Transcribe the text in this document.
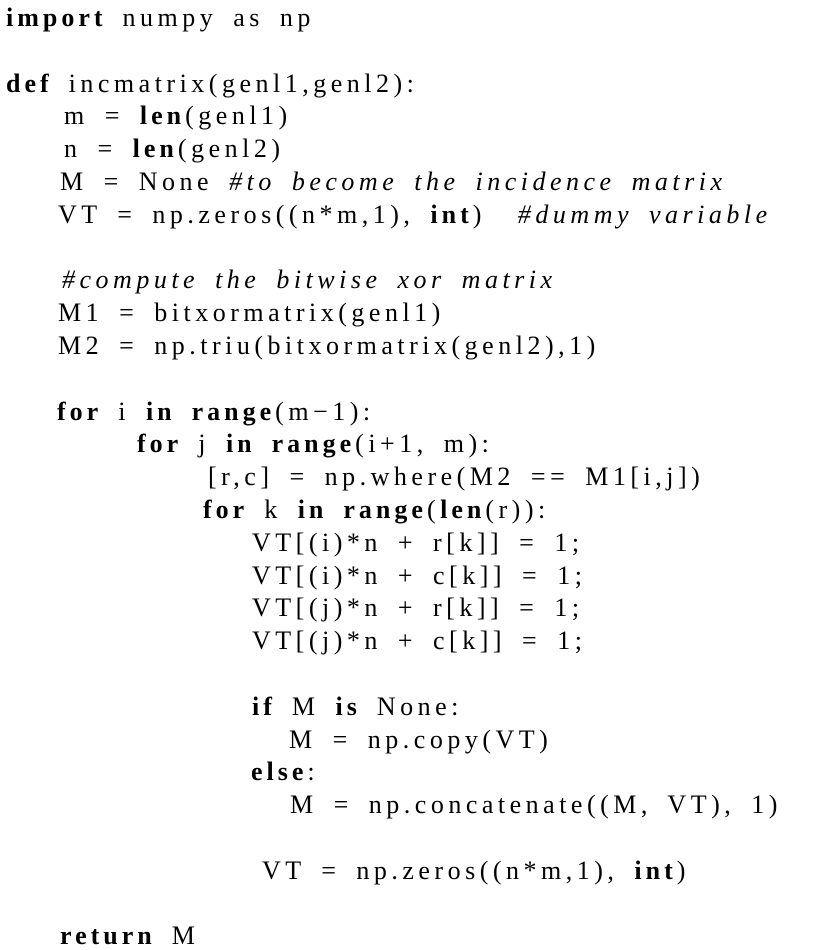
import numpy as np
def incmatrix(genl1,genl2):
m = len(genl1)
n = len(genl2)
M = None #to become the incidence matrix
VT = np.zeros((n*m,1), int)  #dummy variable
#compute the bitwise xor matrix
M1 = bitxormatrix(genl1)
M2 = np.triu(bitxormatrix(genl2),1)
for i in range(m−1):
for j in range(i+1, m):
[r,c] = np.where(M2 == M1[i,j])
for k in range(len(r)):
VT[(i)*n + r[k]] = 1;
VT[(i)*n + c[k]] = 1;
VT[(j)*n + r[k]] = 1;
VT[(j)*n + c[k]] = 1;
if M is None:
M = np.copy(VT)
else:
M = np.concatenate((M, VT), 1)
VT = np.zeros((n*m,1), int)
return M
